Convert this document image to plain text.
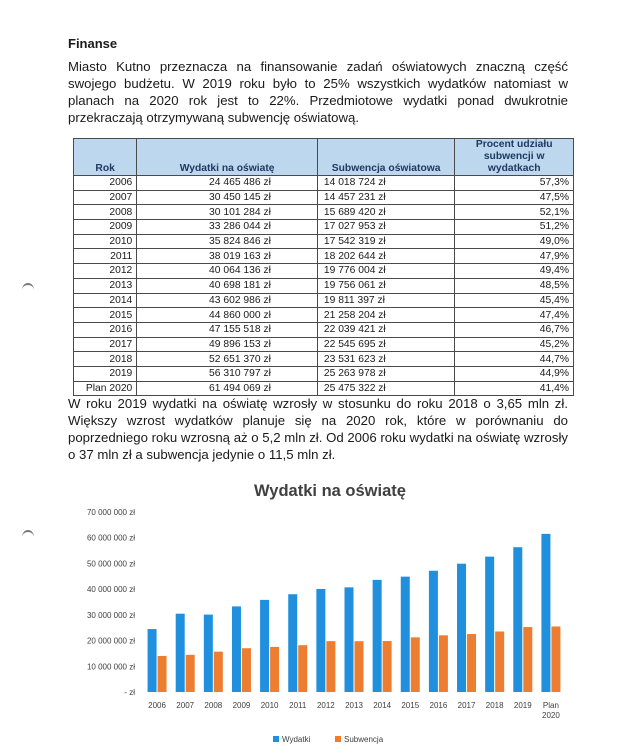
Finanse
Miasto Kutno przeznacza na finansowanie zadań oświatowych znaczną część swojego budżetu. W 2019 roku było to 25% wszystkich wydatków natomiast w planach na 2020 rok jest to 22%. Przedmiotowe wydatki ponad dwukrotnie przekraczają otrzymywaną subwencję oświatową.
Rok	Wydatki na oświatę	Subwencja oświatowa	Procent udziału subwencji w wydatkach
2006	24 465 486 zł	14 018 724 zł	57,3%
2007	30 450 145 zł	14 457 231 zł	47,5%
2008	30 101 284 zł	15 689 420 zł	52,1%
2009	33 286 044 zł	17 027 953 zł	51,2%
2010	35 824 846 zł	17 542 319 zł	49,0%
2011	38 019 163 zł	18 202 644 zł	47,9%
2012	40 064 136 zł	19 776 004 zł	49,4%
2013	40 698 181 zł	19 756 061 zł	48,5%
2014	43 602 986 zł	19 811 397 zł	45,4%
2015	44 860 000 zł	21 258 204 zł	47,4%
2016	47 155 518 zł	22 039 421 zł	46,7%
2017	49 896 153 zł	22 545 695 zł	45,2%
2018	52 651 370 zł	23 531 623 zł	44,7%
2019	56 310 797 zł	25 263 978 zł	44,9%
Plan 2020	61 494 069 zł	25 475 322 zł	41,4%
W roku 2019 wydatki na oświatę wzrosły w stosunku do roku 2018 o 3,65 mln zł. Większy wzrost wydatków planuje się na 2020 rok, które w porównaniu do poprzedniego roku wzrosną aż o 5,2 mln zł. Od 2006 roku wydatki na oświatę wzrosły o 37 mln zł a subwencja jedynie o 11,5 mln zł.
Wydatki na oświatę
- zł
10 000 000 zł
20 000 000 zł
30 000 000 zł
40 000 000 zł
50 000 000 zł
60 000 000 zł
70 000 000 zł
2006 2007 2008 2009 2010 2011 2012 2013 2014 2015 2016 2017 2018 2019 Plan
2020
Wydatki	Subwencja
